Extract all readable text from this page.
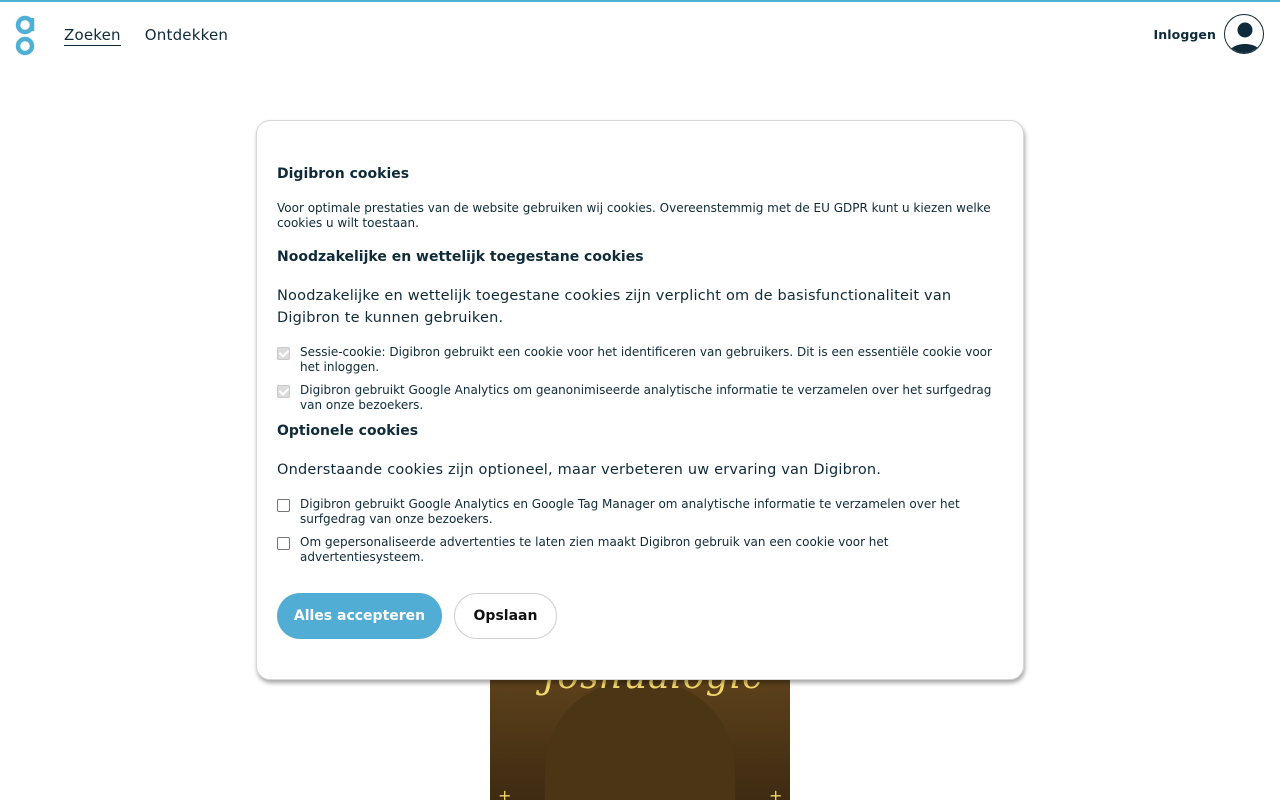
Zoeken Ontdekken	Inloggen
+	+
Digibron cookies
Voor optimale prestaties van de website gebruiken wij cookies. Overeenstemmig met de EU GDPR kunt u kiezen welke cookies u wilt toestaan.
Noodzakelijke en wettelijk toegestane cookies
Noodzakelijke en wettelijk toegestane cookies zijn verplicht om de basisfunctionaliteit van Digibron te kunnen gebruiken.
Sessie-cookie: Digibron gebruikt een cookie voor het identificeren van gebruikers. Dit is een essentiële cookie voor het inloggen.
Digibron gebruikt Google Analytics om geanonimiseerde analytische informatie te verzamelen over het surfgedrag van onze bezoekers.
Optionele cookies
Onderstaande cookies zijn optioneel, maar verbeteren uw ervaring van Digibron.
Digibron gebruikt Google Analytics en Google Tag Manager om analytische informatie te verzamelen over het surfgedrag van onze bezoekers.
Om gepersonaliseerde advertenties te laten zien maakt Digibron gebruik van een cookie voor het advertentiesysteem.
Alles accepteren	Opslaan
